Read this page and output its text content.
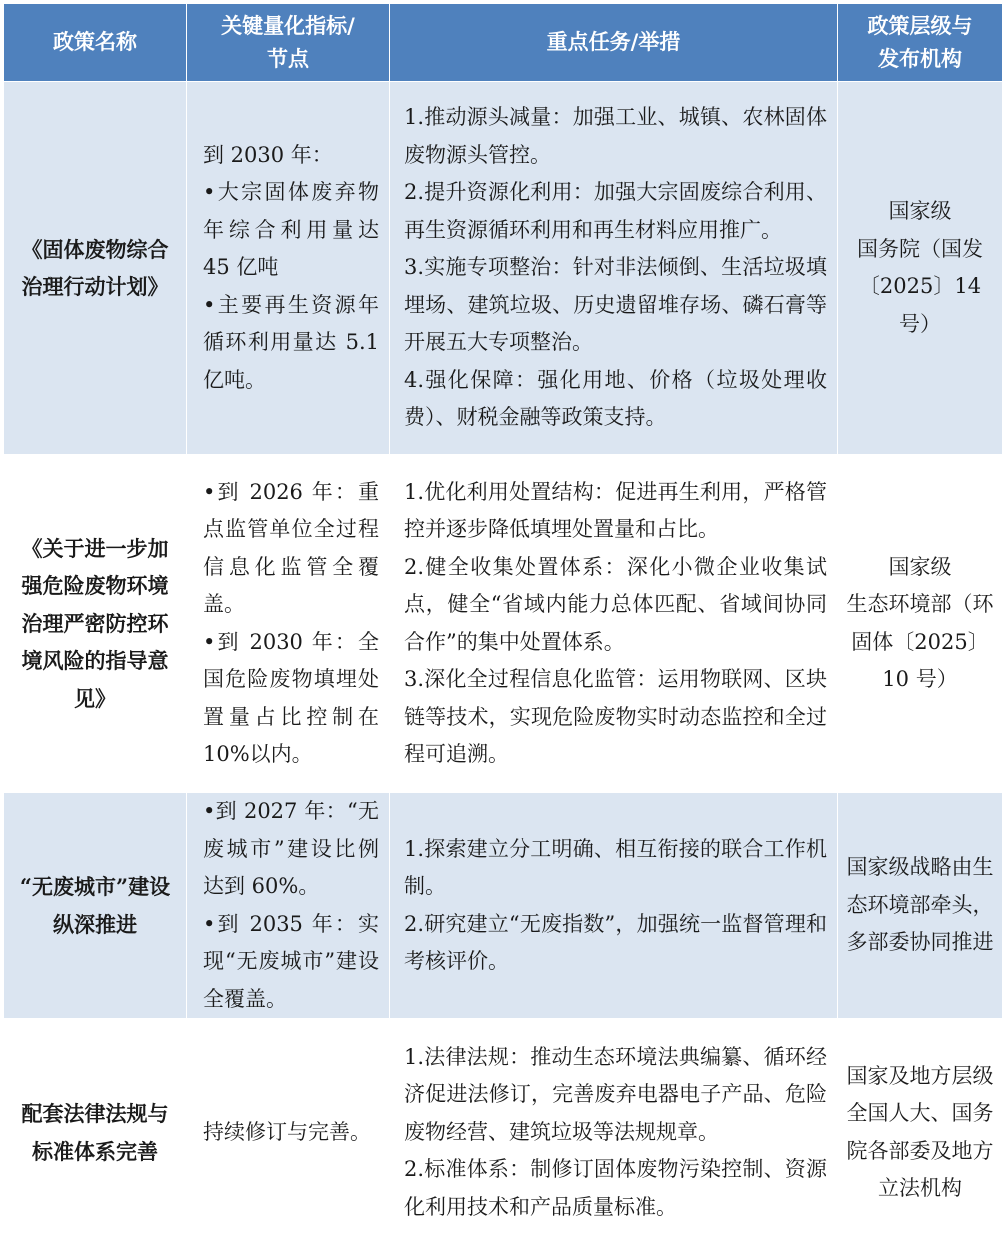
政策名称	关键量化指标/
节点	重点任务/举措	政策层级与
发布机构

《固体废物综合治理行动计划》	到 2030 年：
•大宗固体废弃物年综合利用量达 45 亿吨
•主要再生资源年循环利用量达 5.1 亿吨。	1.推动源头减量：加强工业、城镇、农林固体废物源头管控。
2.提升资源化利用：加强大宗固废综合利用、再生资源循环利用和再生材料应用推广。
3.实施专项整治：针对非法倾倒、生活垃圾填埋场、建筑垃圾、历史遗留堆存场、磷石膏等开展五大专项整治。
4.强化保障：强化用地、价格（垃圾处理收费）、财税金融等政策支持。	国家级
国务院（国发〔2025〕14 号）

《关于进一步加强危险废物环境治理严密防控环境风险的指导意见》	•到 2026 年：重点监管单位全过程信息化监管全覆盖。
•到 2030 年：全国危险废物填埋处置量占比控制在 10%以内。	1.优化利用处置结构：促进再生利用，严格管控并逐步降低填埋处置量和占比。
2.健全收集处置体系：深化小微企业收集试点，健全“省域内能力总体匹配、省域间协同合作”的集中处置体系。
3.深化全过程信息化监管：运用物联网、区块链等技术，实现危险废物实时动态监控和全过程可追溯。	国家级
生态环境部（环固体〔2025〕10 号）

“无废城市”建设纵深推进	•到 2027 年：“无废城市”建设比例达到 60%。
•到 2035 年：实现“无废城市”建设全覆盖。	1.探索建立分工明确、相互衔接的联合工作机制。
2.研究建立“无废指数”，加强统一监督管理和考核评价。	国家级战略由生态环境部牵头，多部委协同推进

配套法律法规与标准体系完善	持续修订与完善。	1.法律法规：推动生态环境法典编纂、循环经济促进法修订，完善废弃电器电子产品、危险废物经营、建筑垃圾等法规规章。
2.标准体系：制修订固体废物污染控制、资源化利用技术和产品质量标准。	国家及地方层级
全国人大、国务院各部委及地方立法机构
